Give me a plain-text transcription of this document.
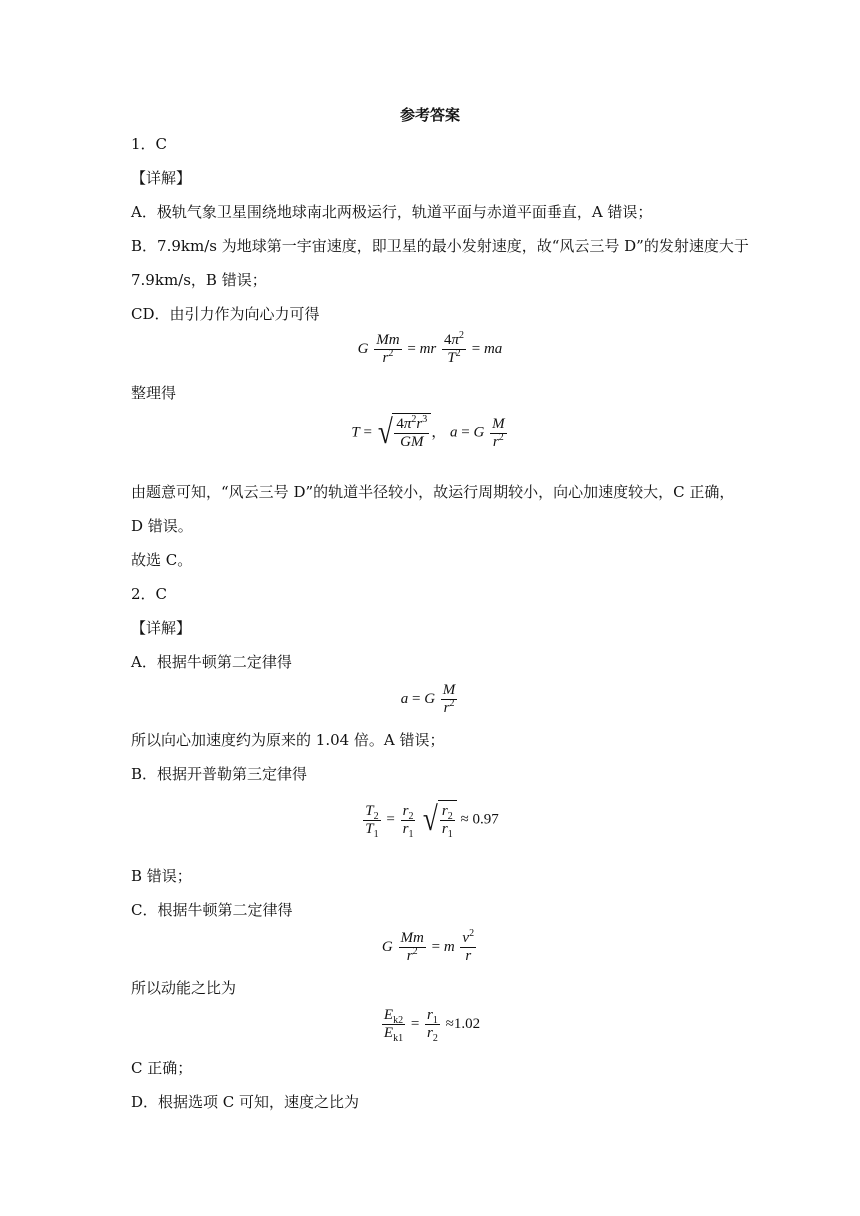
参考答案
1．C
【详解】
A．极轨气象卫星围绕地球南北两极运行，轨道平面与赤道平面垂直，A 错误；
B．7.9km/s 为地球第一宇宙速度，即卫星的最小发射速度，故“风云三号 D”的发射速度大于
7.9km/s，B 错误；
CD．由引力作为向心力可得
G $\frac{Mm}{r^2}$ = mr $\frac{4\pi^2}{T^2}$ = ma
整理得
T = √ $\frac{4\pi^2r^3}{GM}$ ， a = G $\frac{M}{r^2}$
由题意可知，“风云三号 D”的轨道半径较小，故运行周期较小，向心加速度较大，C 正确，
D 错误。
故选 C。
2．C
【详解】
A．根据牛顿第二定律得
a = G $\frac{M}{r^2}$
所以向心加速度约为原来的 1.04 倍。A 错误；
B．根据开普勒第三定律得
$\frac{T_2}{T_1} = \frac{r_2}{r_1}$
√ $\frac{r_2}{r_1} \approx 0.97$
B 错误；
C．根据牛顿第二定律得
G $\frac{Mm}{r^2} = m \frac{v^2}{r}$
所以动能之比为
$\frac{E_{k2}}{E_{k1}} = \frac{r_1}{r_2} \approx 1.02$
C 正确；
D．根据选项 C 可知，速度之比为
